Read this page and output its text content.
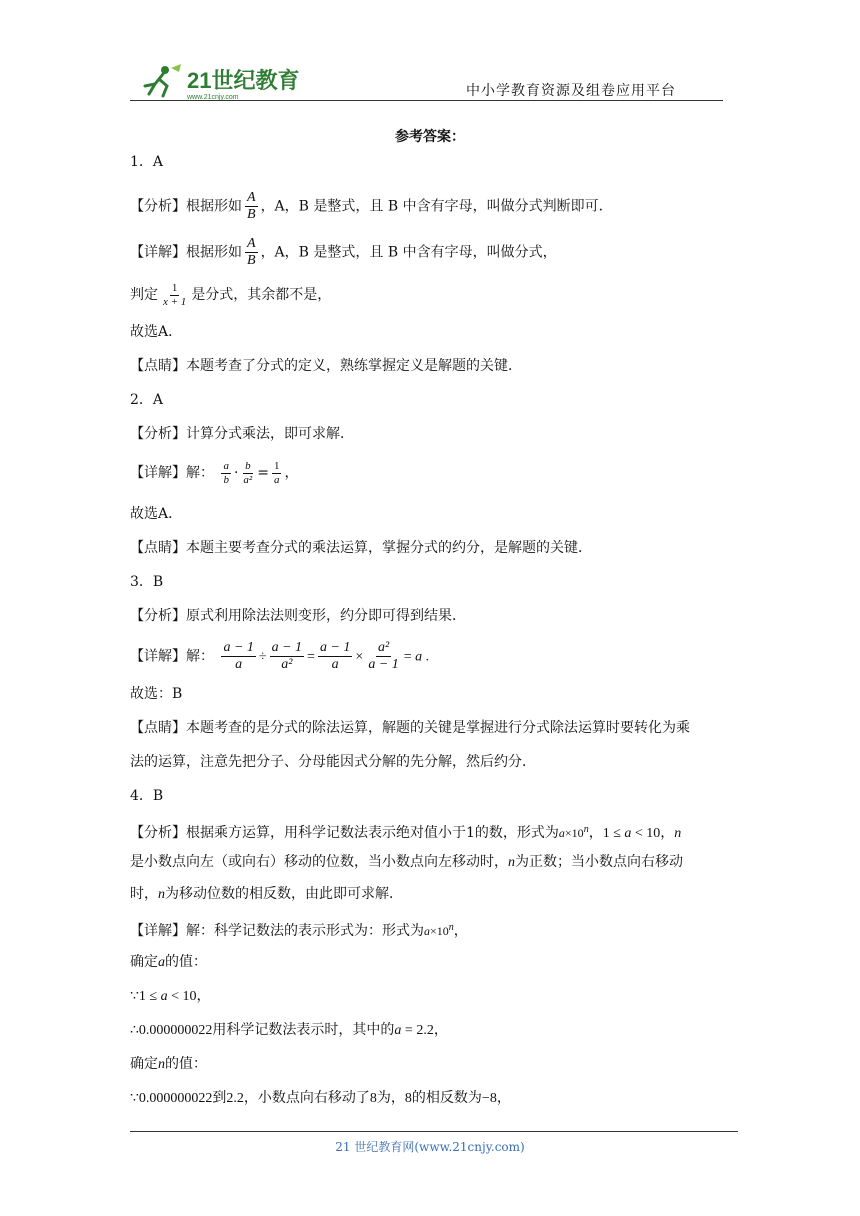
21世纪教育
www.21cnjy.com	中小学教育资源及组卷应用平台
参考答案：
1．A
【分析】根据形如 $\frac{A}{B}$ ，A，B 是整式，且 B 中含有字母，叫做分式判断即可．
【详解】根据形如 $\frac{A}{B}$ ，A，B 是整式，且 B 中含有字母，叫做分式，
判定 $\frac{1}{x + 1}$ 是分式，其余都不是，
故选A．
【点睛】本题考查了分式的定义，熟练掌握定义是解题的关键．
2．A
【分析】计算分式乘法，即可求解．
【详解】解： $\frac{a}{b} \cdot \frac{b}{\text{a²}} = \frac{1}{a}$ ，
故选A．
【点睛】本题主要考查分式的乘法运算，掌握分式的约分，是解题的关键．
3．B
【分析】原式利用除法法则变形，约分即可得到结果．
【详解】解： $\frac{a - 1}{a} \div \frac{a - 1}{\text{a²}} = \frac{a - 1}{a} \times \frac{\text{a²}}{a - 1} = a$ .
故选：B
【点睛】本题考查的是分式的除法运算，解题的关键是掌握进行分式除法运算时要转化为乘
法的运算，注意先把分子、分母能因式分解的先分解，然后约分．
4．B
【分析】根据乘方运算，用科学记数法表示绝对值小于1的数，形式为$a\times 10^n$，1 ≤ a < 10，n
是小数点向左（或向右）移动的位数，当小数点向左移动时，n为正数；当小数点向右移动
时，n为移动位数的相反数，由此即可求解．
【详解】解：科学记数法的表示形式为：形式为$a\times 10^n$，
确定a的值：
∵1 ≤ a < 10，
∴0.000000022用科学记数法表示时，其中的a = 2.2，
确定n的值：
∵0.000000022到2.2，小数点向右移动了8为，8的相反数为−8，
21 世纪教育网(www.21cnjy.com)
